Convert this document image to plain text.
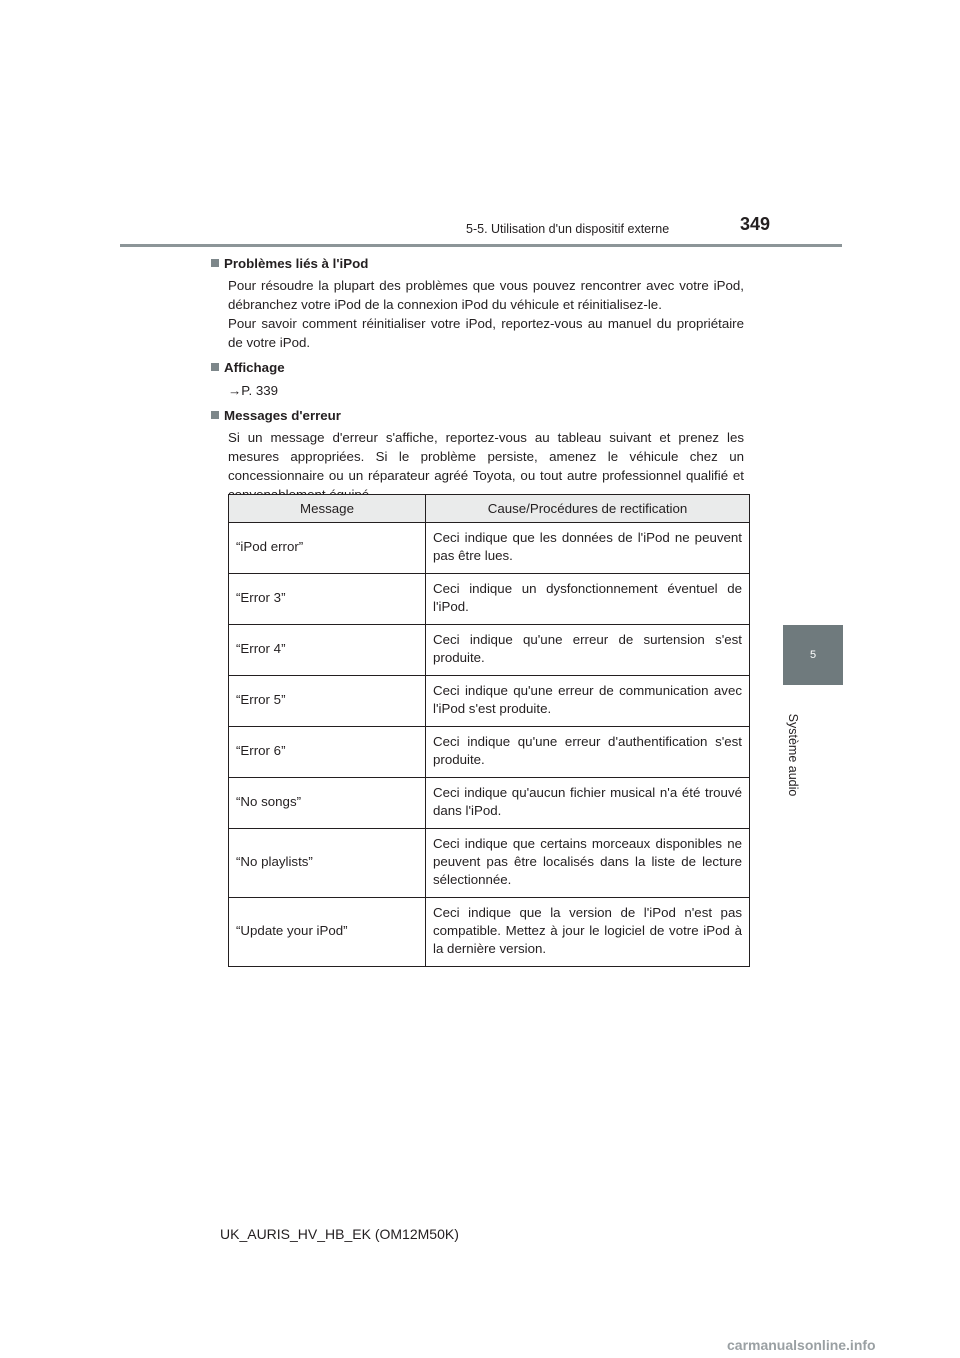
5-5. Utilisation d'un dispositif externe	349
5
Système audio

Problèmes liés à l'iPod

Pour résoudre la plupart des problèmes que vous pouvez rencontrer avec votre iPod, débranchez votre iPod de la connexion iPod du véhicule et réinitialisez-le.

Pour savoir comment réinitialiser votre iPod, reportez-vous au manuel du propriétaire de votre iPod.

Affichage

→P. 339

Messages d'erreur

Si un message d'erreur s'affiche, reportez-vous au tableau suivant et prenez les mesures appropriées. Si le problème persiste, amenez le véhicule chez un concessionnaire ou un réparateur agréé Toyota, ou tout autre professionnel qualifié et

Message	Cause/Procédures de rectification
“iPod error”	Ceci indique que les données de l'iPod ne peuvent pas être lues.
“Error 3”	Ceci indique un dysfonctionnement éventuel de l'iPod.
“Error 4”	Ceci indique qu'une erreur de surtension s'est produite.
“Error 5”	Ceci indique qu'une erreur de communication avec l'iPod s'est produite.
“Error 6”	Ceci indique qu'une erreur d'authentification s'est produite.
“No songs”	Ceci indique qu'aucun fichier musical n'a été trouvé dans l'iPod.
“No playlists”	Ceci indique que certains morceaux disponibles ne peuvent pas être localisés dans la liste de lecture sélectionnée.
“Update your iPod”	Ceci indique que la version de l'iPod n'est pas compatible. Mettez à jour le logiciel de votre iPod à la dernière version.
UK_AURIS_HV_HB_EK (OM12M50K)
carmanualsonline.info
